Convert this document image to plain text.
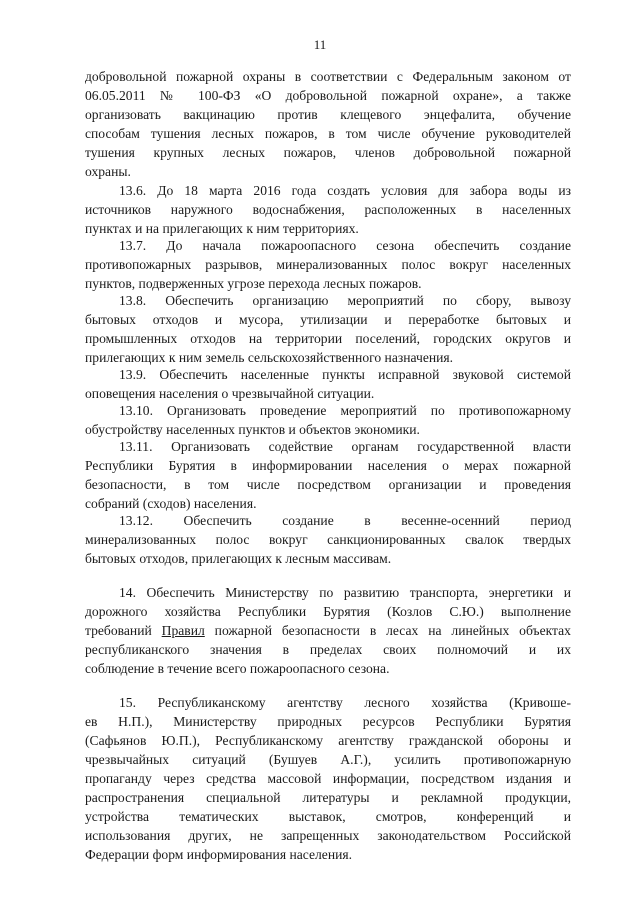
11
добровольной пожарной охраны в соответствии с Федеральным законом от
06.05.2011 № 100-ФЗ «О добровольной пожарной охране», а также
организовать вакцинацию против клещевого энцефалита, обучение
способам тушения лесных пожаров, в том числе обучение руководителей
тушения крупных лесных пожаров, членов добровольной пожарной
охраны.
13.6. До 18 марта 2016 года создать условия для забора воды из
источников наружного водоснабжения, расположенных в населенных
пунктах и на прилегающих к ним территориях.
13.7. До начала пожароопасного сезона обеспечить создание
противопожарных разрывов, минерализованных полос вокруг населенных
пунктов, подверженных угрозе перехода лесных пожаров.
13.8. Обеспечить организацию мероприятий по сбору, вывозу
бытовых отходов и мусора, утилизации и переработке бытовых и
промышленных отходов на территории поселений, городских округов и
прилегающих к ним земель сельскохозяйственного назначения.
13.9. Обеспечить населенные пункты исправной звуковой системой
оповещения населения о чрезвычайной ситуации.
13.10. Организовать проведение мероприятий по противопожарному
обустройству населенных пунктов и объектов экономики.
13.11. Организовать содействие органам государственной власти
Республики Бурятия в информировании населения о мерах пожарной
безопасности, в том числе посредством организации и проведения
собраний (сходов) населения.
13.12. Обеспечить создание в весенне-осенний период
минерализованных полос вокруг санкционированных свалок твердых
бытовых отходов, прилегающих к лесным массивам.
14. Обеспечить Министерству по развитию транспорта, энергетики и
дорожного хозяйства Республики Бурятия (Козлов С.Ю.) выполнение
требований Правил пожарной безопасности в лесах на линейных объектах
республиканского значения в пределах своих полномочий и их
соблюдение в течение всего пожароопасного сезона.
15. Республиканскому агентству лесного хозяйства (Кривоше-
ев Н.П.), Министерству природных ресурсов Республики Бурятия
(Сафьянов Ю.П.), Республиканскому агентству гражданской обороны и
чрезвычайных ситуаций (Бушуев А.Г.), усилить противопожарную
пропаганду через средства массовой информации, посредством издания и
распространения специальной литературы и рекламной продукции,
устройства тематических выставок, смотров, конференций и
использования других, не запрещенных законодательством Российской
Федерации форм информирования населения.
